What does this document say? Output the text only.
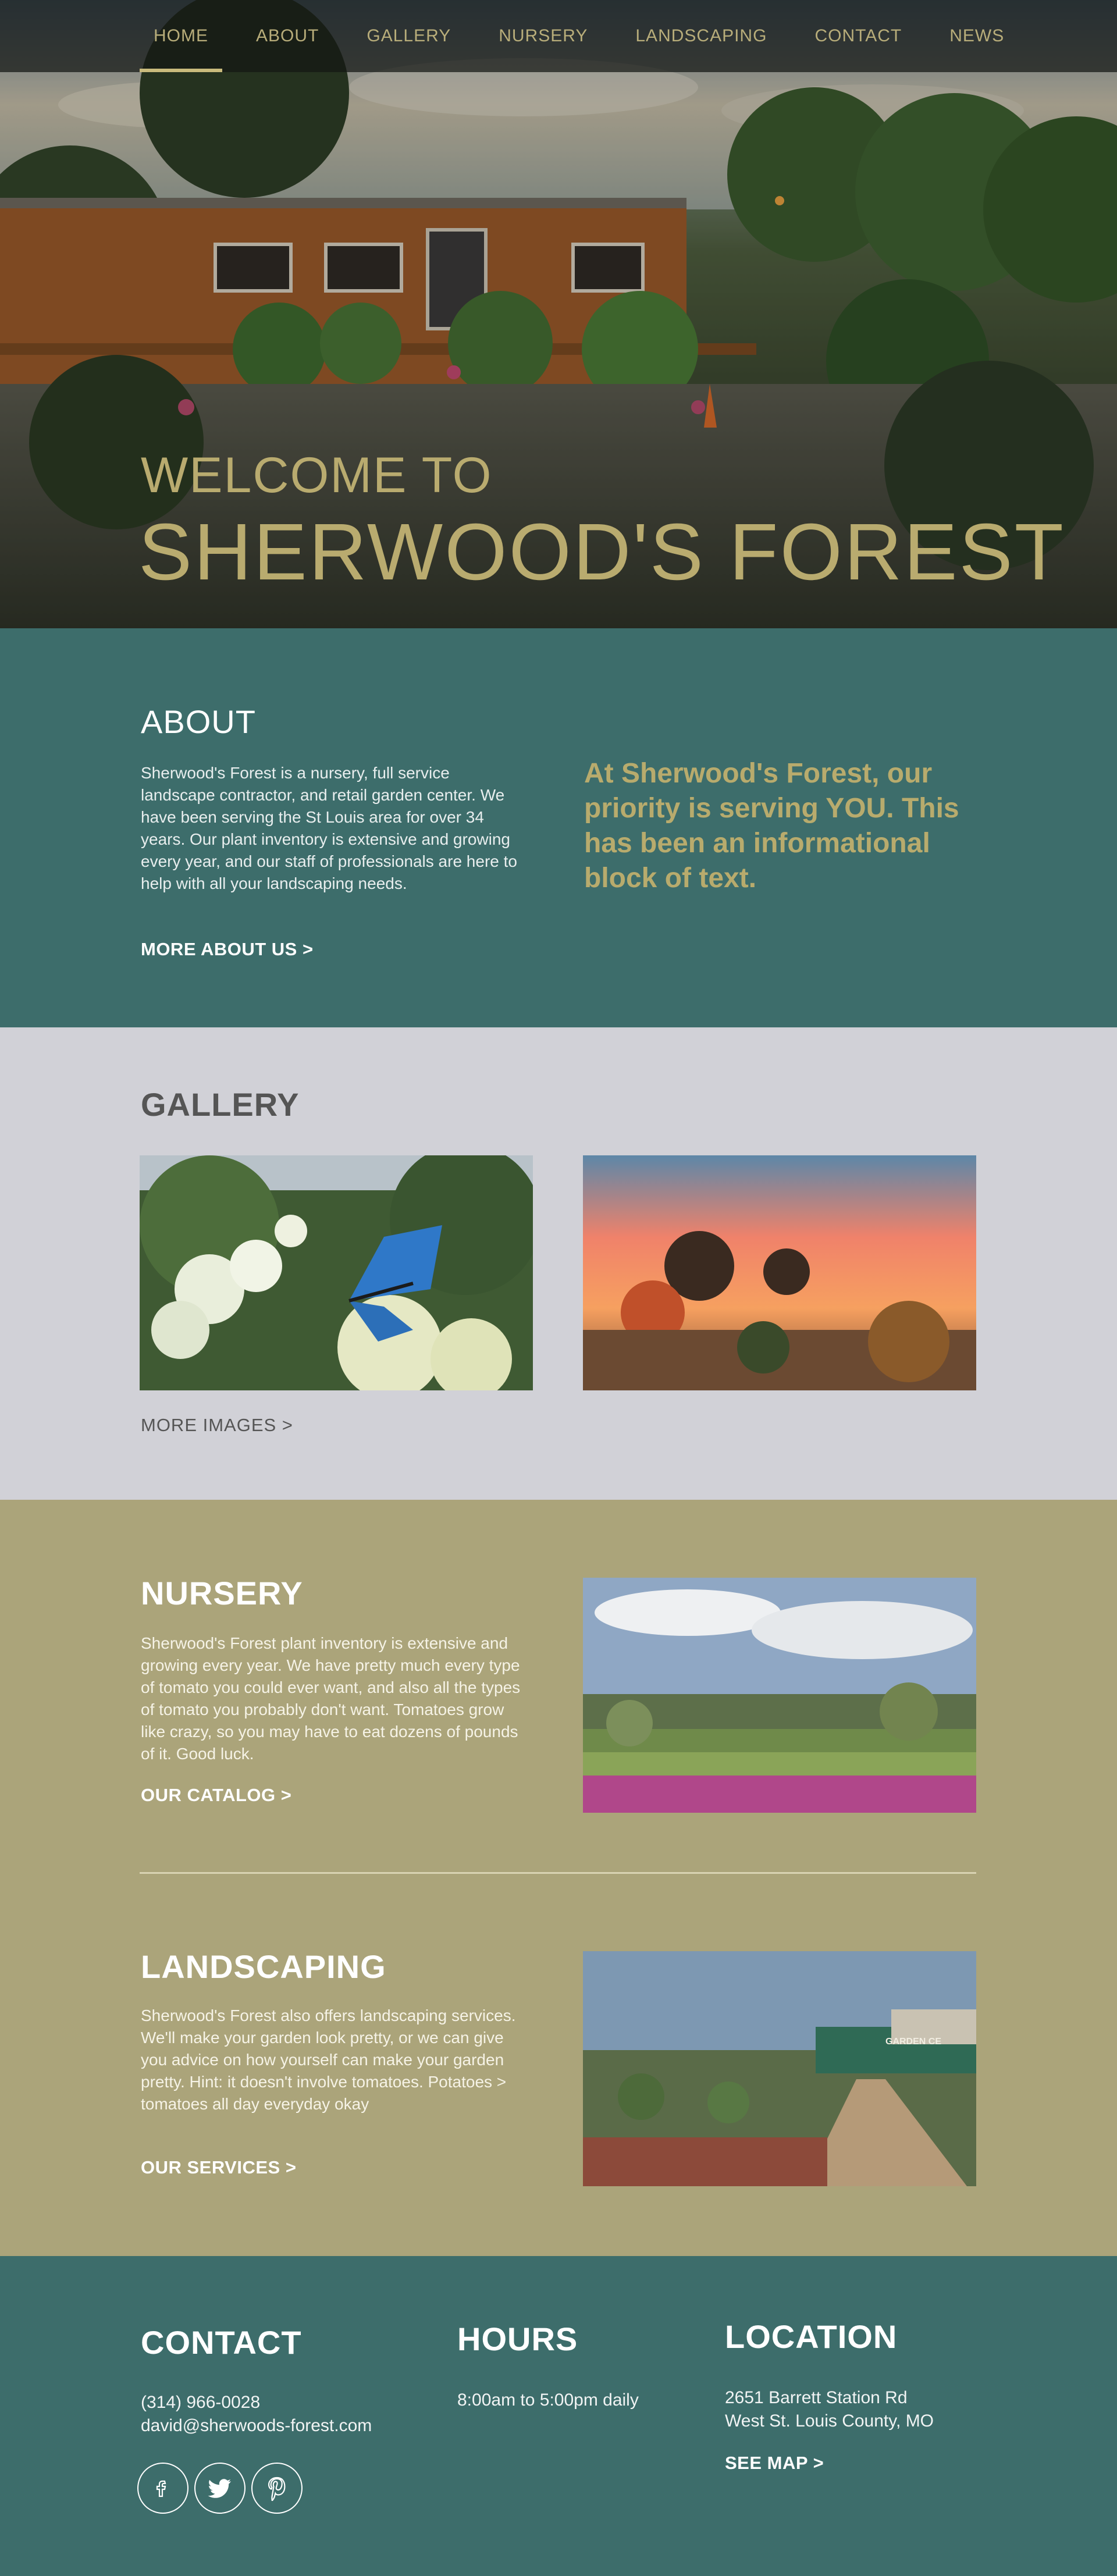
HOME	ABOUT	GALLERY	NURSERY	LANDSCAPING	CONTACT	NEWS

WELCOME TO

SHERWOOD'S FOREST

ABOUT

Sherwood's Forest is a nursery, full service landscape contractor, and retail garden center. We have been serving the St Louis area for over 34 years. Our plant inventory is extensive and growing every year, and our staff of professionals are here to help with all your landscaping needs.

MORE ABOUT US >

At Sherwood's Forest, our priority is serving YOU. This has been an informational block of text.

GALLERY
MORE IMAGES >
NURSERY

Sherwood's Forest plant inventory is extensive and growing every year. We have pretty much every type of tomato you could ever want, and also all the types of tomato you probably don't want. Tomatoes grow like crazy, so you may have to eat dozens of pounds of it. Good luck.

OUR CATALOG >
LANDSCAPING

Sherwood's Forest also offers landscaping services. We'll make your garden look pretty, or we can give you advice on how yourself can make your garden pretty. Hint: it doesn't involve tomatoes. Potatoes > tomatoes all day everyday okay

OUR SERVICES >
GARDEN CE
CONTACT

(314) 966-0028

david@sherwoods-forest.com

HOURS

8:00am to 5:00pm daily

LOCATION

2651 Barrett Station Rd

West St. Louis County, MO

SEE MAP >
